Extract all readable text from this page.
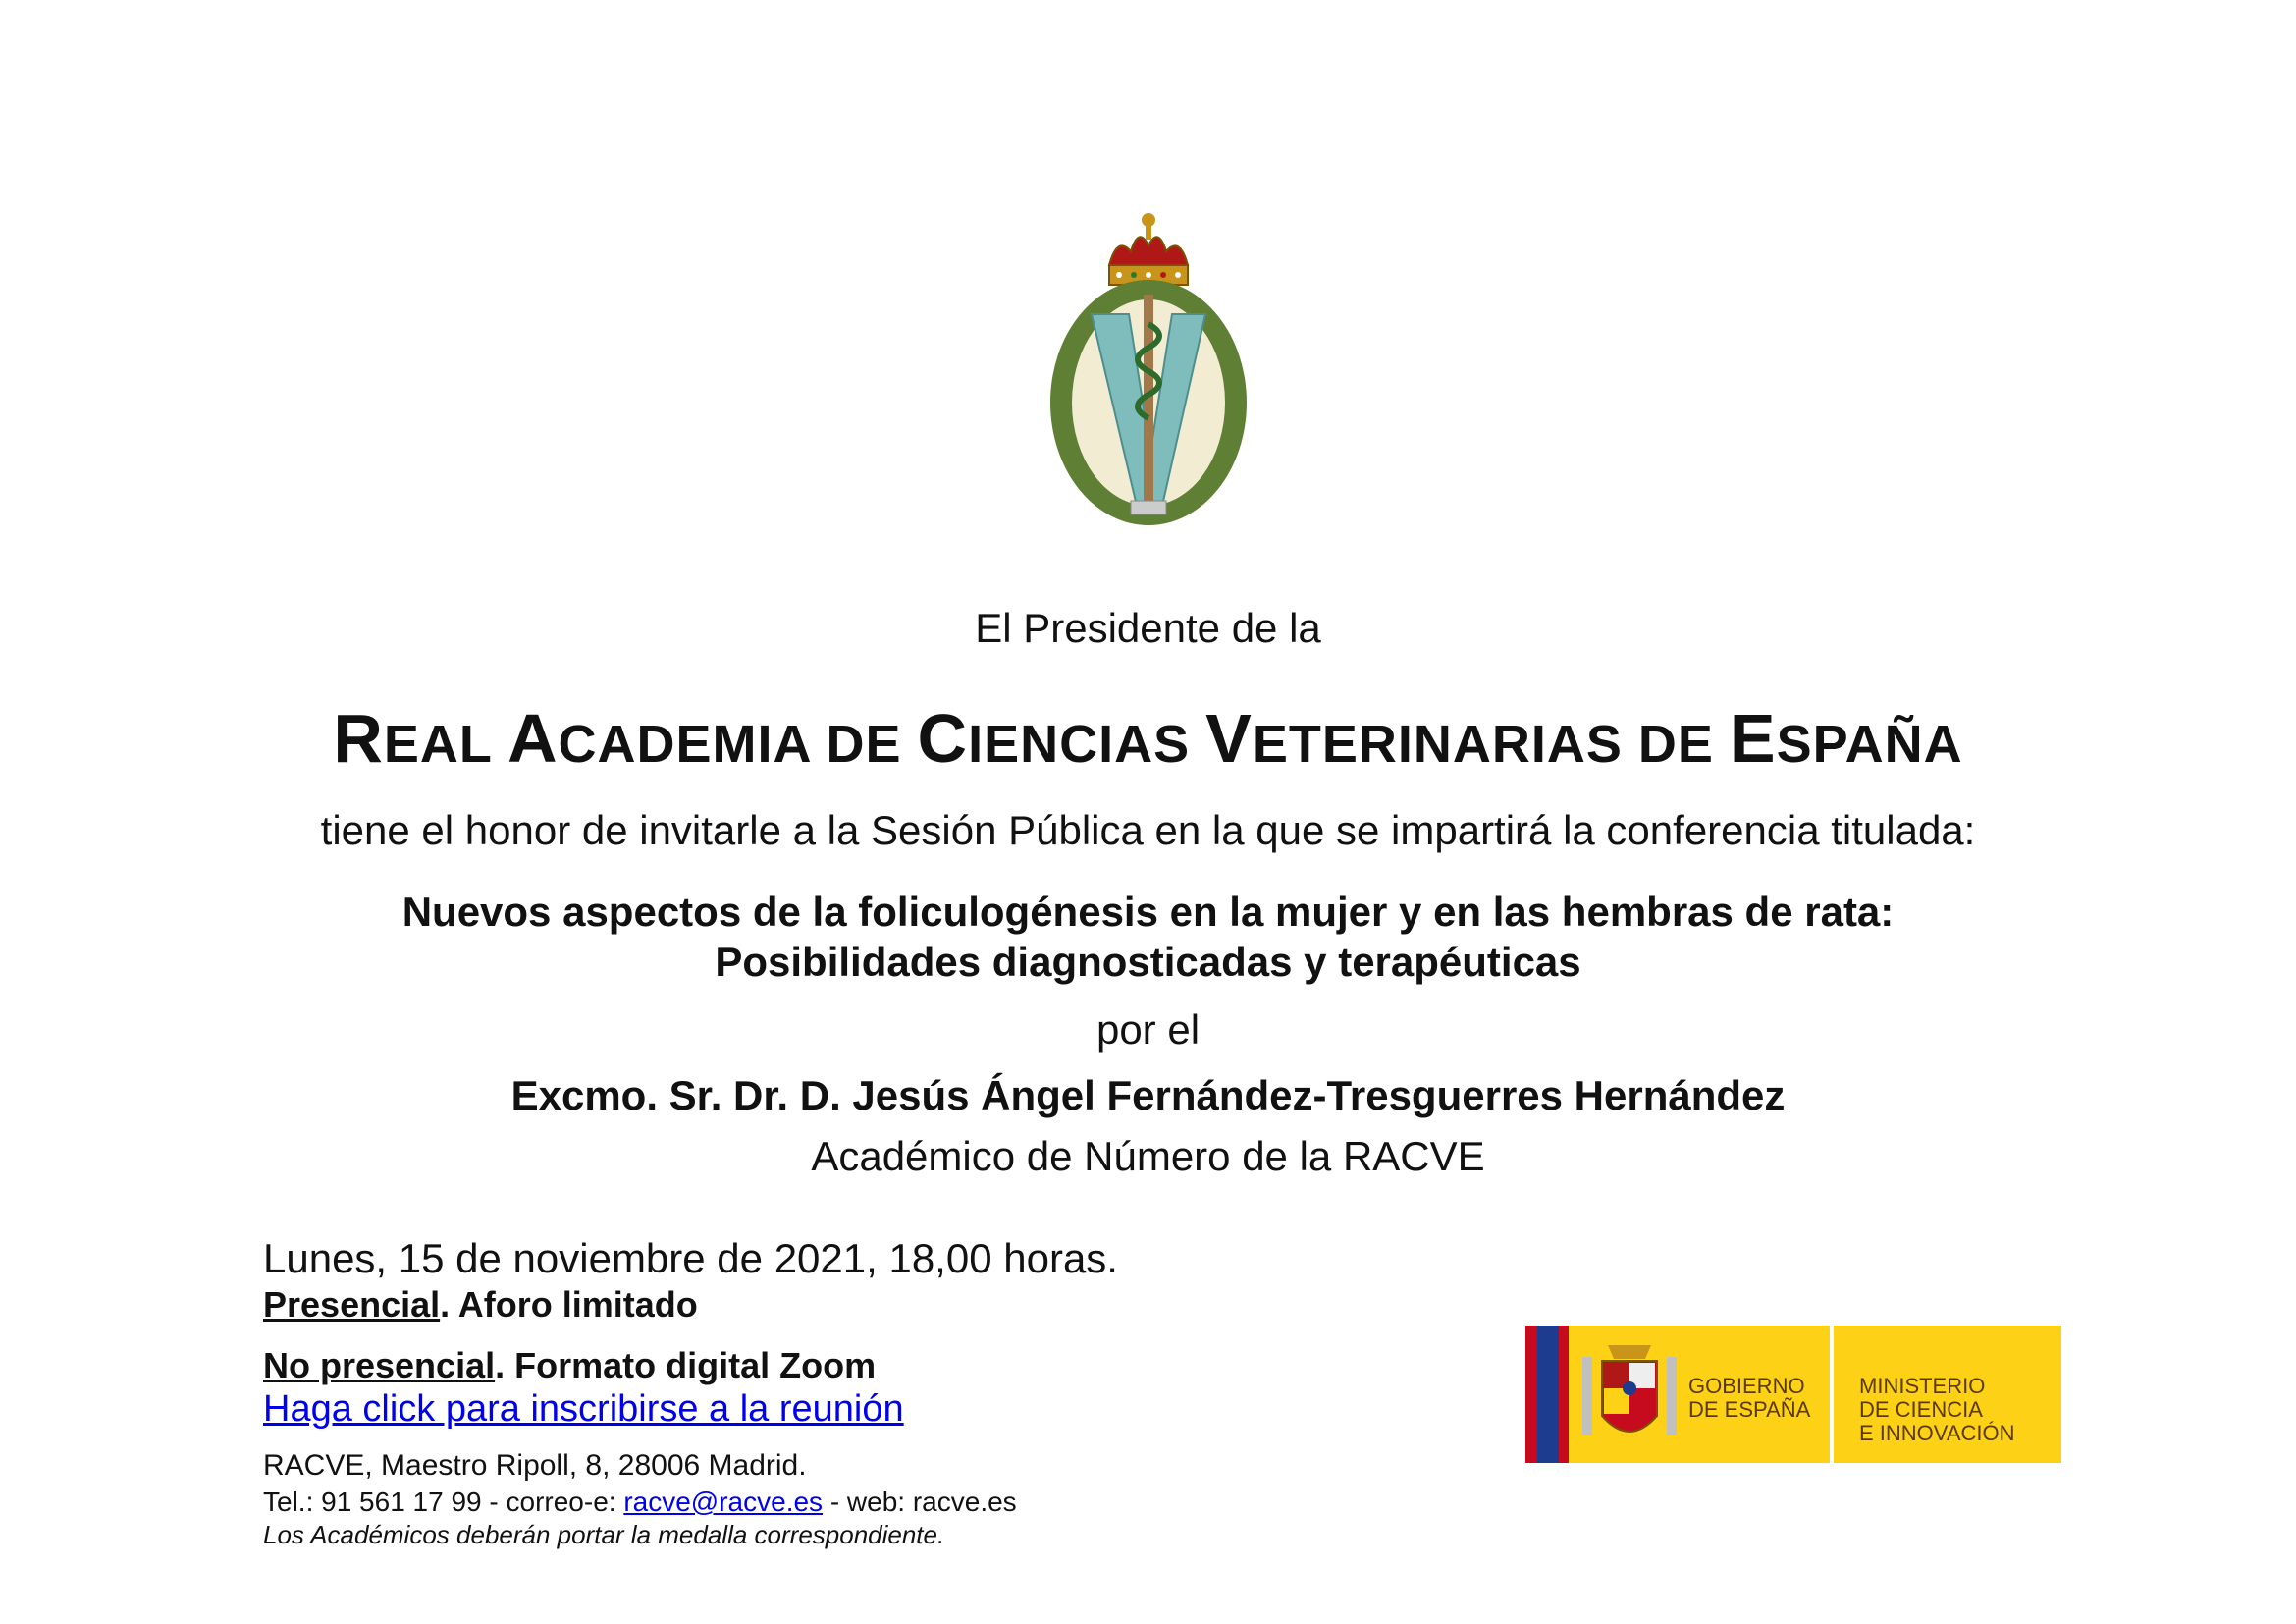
El Presidente de la
REAL ACADEMIA DE CIENCIAS VETERINARIAS DE ESPAÑA
tiene el honor de invitarle a la Sesión Pública en la que se impartirá la conferencia titulada:
Nuevos aspectos de la foliculogénesis en la mujer y en las hembras de rata:
Posibilidades diagnosticadas y terapéuticas
por el
Excmo. Sr. Dr. D. Jesús Ángel Fernández-Tresguerres Hernández
Académico de Número de la RACVE
Lunes, 15 de noviembre de 2021, 18,00 horas.
Presencial. Aforo limitado
No presencial. Formato digital Zoom
Haga click para inscribirse a la reunión
RACVE, Maestro Ripoll, 8, 28006 Madrid.
Tel.: 91 561 17 99 - correo-e: racve@racve.es - web: racve.es
Los Académicos deberán portar la medalla correspondiente.
GOBIERNO
DE ESPAÑA
MINISTERIO
DE CIENCIA
E INNOVACIÓN
